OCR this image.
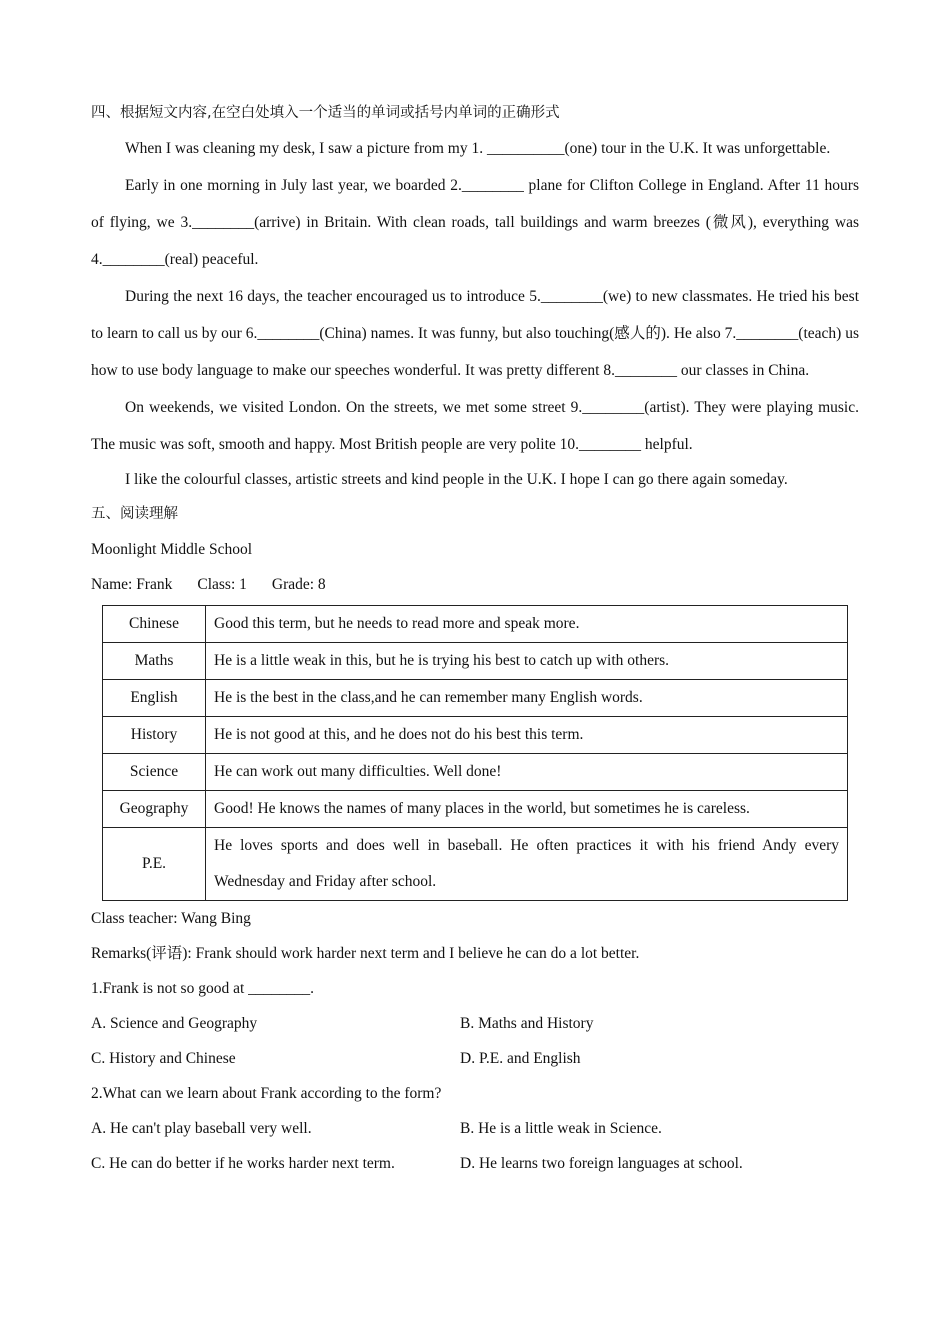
四、根据短文内容,在空白处填入一个适当的单词或括号内单词的正确形式

When I was cleaning my desk, I saw a picture from my 1. __________(one) tour in the U.K. It was unforgettable.

Early in one morning in July last year, we boarded 2.________ plane for Clifton College in England. After 11 hours of flying, we 3.________(arrive) in Britain. With clean roads, tall buildings and warm breezes (微风), everything was 4.________(real) peaceful.

During the next 16 days, the teacher encouraged us to introduce 5.________(we) to new classmates. He tried his best to learn to call us by our 6.________(China) names. It was funny, but also touching(感人的). He also 7.________(teach) us how to use body language to make our speeches wonderful. It was pretty different 8.________ our classes in China.

On weekends, we visited London. On the streets, we met some street 9.________(artist). They were playing music. The music was soft, smooth and happy. Most British people are very polite 10.________ helpful.

I like the colourful classes, artistic streets and kind people in the U.K. I hope I can go there again someday.

五、阅读理解

Moonlight Middle School

Name: Frank Class: 1 Grade: 8

Chinese	Good this term, but he needs to read more and speak more.
Maths	He is a little weak in this, but he is trying his best to catch up with others.
English	He is the best in the class,and he can remember many English words.
History	He is not good at this, and he does not do his best this term.
Science	He can work out many difficulties. Well done!
Geography	Good! He knows the names of many places in the world, but sometimes he is careless.
P.E.	He loves sports and does well in baseball. He often practices it with his friend Andy every Wednesday and Friday after school.

Class teacher: Wang Bing

Remarks(评语): Frank should work harder next term and I believe he can do a lot better.

1.Frank is not so good at ________.

A. Science and Geography	B. Maths and History
C. History and Chinese	D. P.E. and English

2.What can we learn about Frank according to the form?

A. He can't play baseball very well.	B. He is a little weak in Science.
C. He can do better if he works harder next term.	D. He learns two foreign languages at school.
